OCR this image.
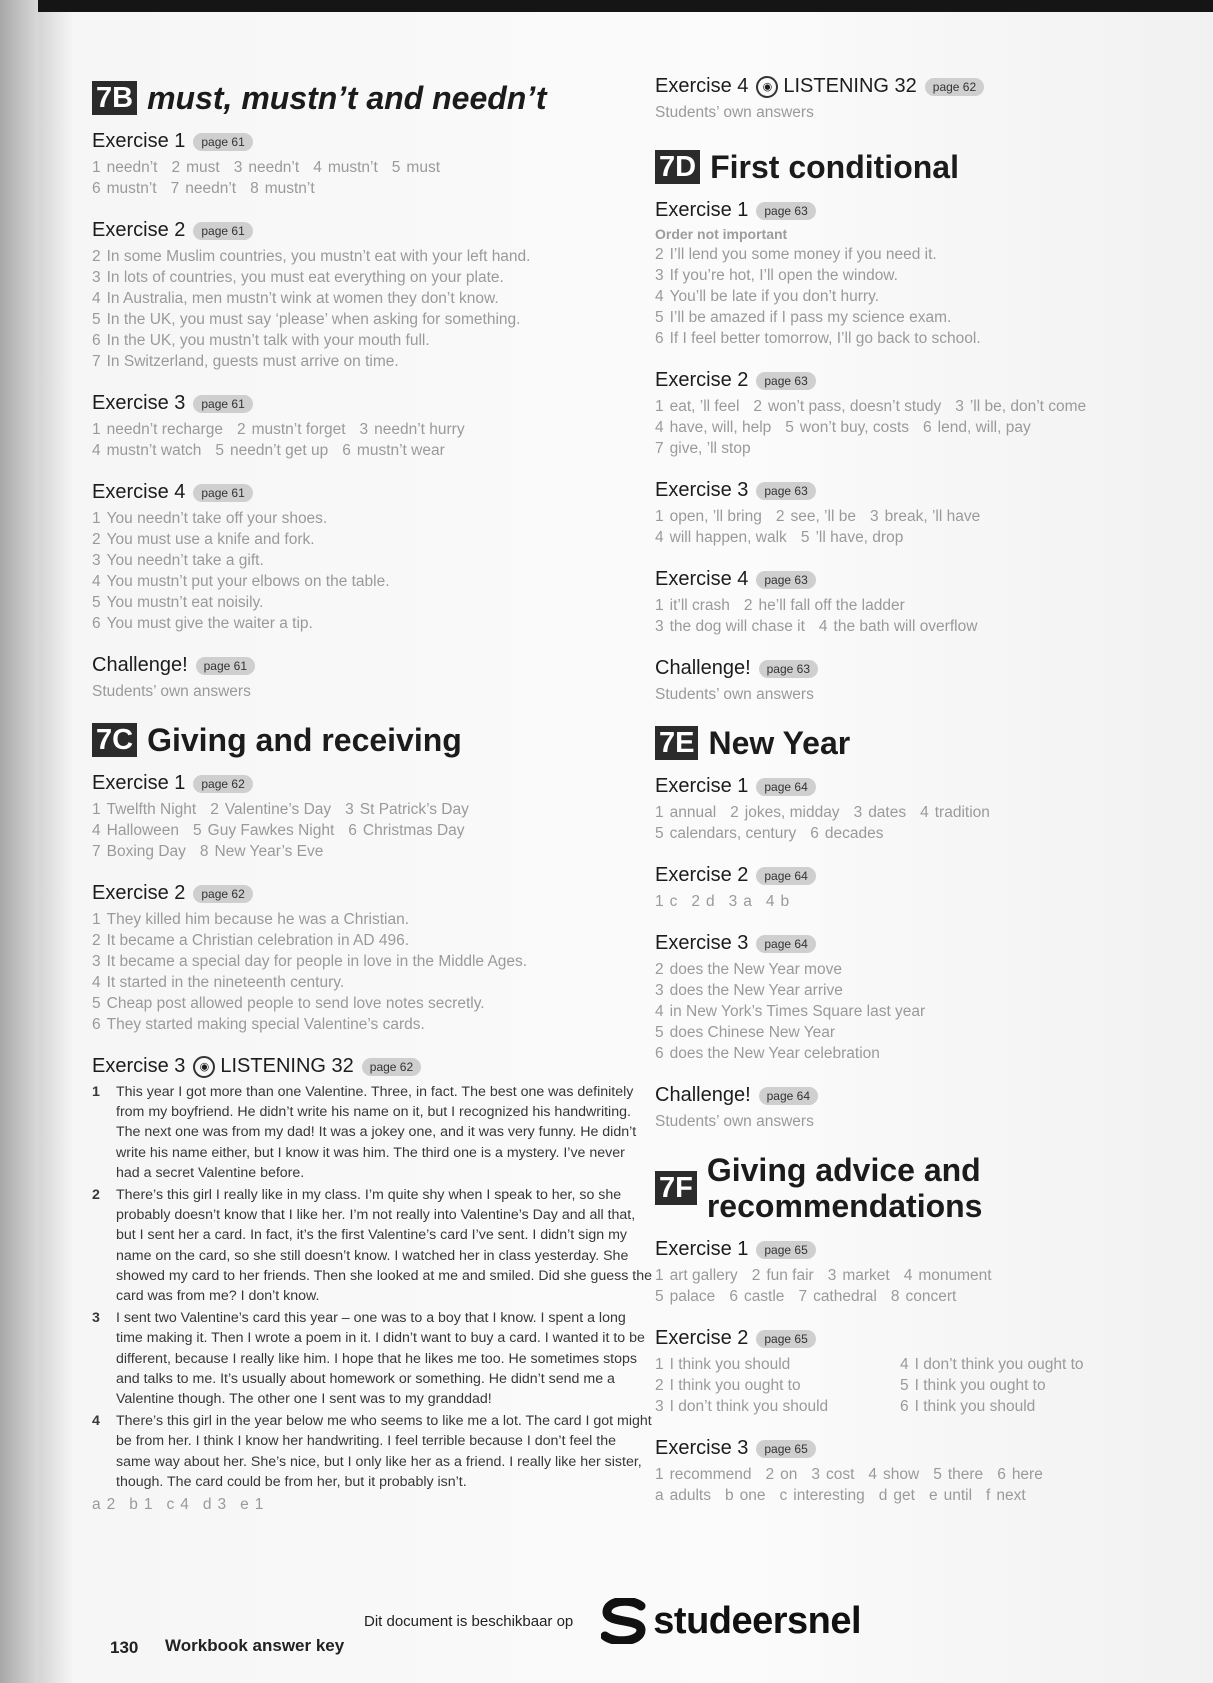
7B must, mustn’t and needn’t
Exercise 1	page 61
1 needn’t 2 must 3 needn’t 4 mustn’t 5 must
6 mustn’t 7 needn’t 8 mustn’t
Exercise 2	page 61
2 In some Muslim countries, you mustn’t eat with your left hand.
3 In lots of countries, you must eat everything on your plate.
4 In Australia, men mustn’t wink at women they don’t know.
5 In the UK, you must say ‘please’ when asking for something.
6 In the UK, you mustn’t talk with your mouth full.
7 In Switzerland, guests must arrive on time.
Exercise 3	page 61
1 needn’t recharge 2 mustn’t forget 3 needn’t hurry
4 mustn’t watch 5 needn’t get up 6 mustn’t wear
Exercise 4	page 61
1 You needn’t take off your shoes.
2 You must use a knife and fork.
3 You needn’t take a gift.
4 You mustn’t put your elbows on the table.
5 You mustn’t eat noisily.
6 You must give the waiter a tip.
Challenge!	page 61
Students’ own answers
7C Giving and receiving
Exercise 1	page 62
1 Twelfth Night 2 Valentine’s Day 3 St Patrick’s Day
4 Halloween 5 Guy Fawkes Night 6 Christmas Day
7 Boxing Day 8 New Year’s Eve
Exercise 2	page 62
1 They killed him because he was a Christian.
2 It became a Christian celebration in AD 496.
3 It became a special day for people in love in the Middle Ages.
4 It started in the nineteenth century.
5 Cheap post allowed people to send love notes secretly.
6 They started making special Valentine’s cards.
Exercise 3	◉ LISTENING 32	page 62
1	This year I got more than one Valentine. Three, in fact. The best one was definitely from my boyfriend. He didn’t write his name on it, but I recognized his handwriting. The next one was from my dad! It was a jokey one, and it was very funny. He didn’t write his name either, but I know it was him. The third one is a mystery. I’ve never had a secret Valentine before.
2	There’s this girl I really like in my class. I’m quite shy when I speak to her, so she probably doesn’t know that I like her. I’m not really into Valentine’s Day and all that, but I sent her a card. In fact, it’s the first Valentine’s card I’ve sent. I didn’t sign my name on the card, so she still doesn’t know. I watched her in class yesterday. She showed my card to her friends. Then she looked at me and smiled. Did she guess the card was from me? I don’t know.
3	I sent two Valentine’s card this year – one was to a boy that I know. I spent a long time making it. Then I wrote a poem in it. I didn’t want to buy a card. I wanted it to be different, because I really like him. I hope that he likes me too. He sometimes stops and talks to me. It’s usually about homework or something. He didn’t send me a Valentine though. The other one I sent was to my granddad!
4	There’s this girl in the year below me who seems to like me a lot. The card I got might be from her. I think I know her handwriting. I feel terrible because I don’t feel the same way about her. She’s nice, but I only like her as a friend. I really like her sister, though. The card could be from her, but it probably isn’t.
a 2 b 1 c 4 d 3 e 1
Exercise 4	◉ LISTENING 32	page 62
Students’ own answers
7D First conditional
Exercise 1	page 63
Order not important
2 I’ll lend you some money if you need it.
3 If you’re hot, I’ll open the window.
4 You’ll be late if you don’t hurry.
5 I’ll be amazed if I pass my science exam.
6 If I feel better tomorrow, I’ll go back to school.
Exercise 2	page 63
1 eat, ’ll feel 2 won’t pass, doesn’t study 3 ’ll be, don’t come
4 have, will, help 5 won’t buy, costs 6 lend, will, pay
7 give, ’ll stop
Exercise 3	page 63
1 open, ’ll bring 2 see, ’ll be 3 break, ’ll have
4 will happen, walk 5 ’ll have, drop
Exercise 4	page 63
1 it’ll crash 2 he’ll fall off the ladder
3 the dog will chase it 4 the bath will overflow
Challenge!	page 63
Students’ own answers
7E New Year
Exercise 1	page 64
1 annual 2 jokes, midday 3 dates 4 tradition
5 calendars, century 6 decades
Exercise 2	page 64
1 c 2 d 3 a 4 b
Exercise 3	page 64
2 does the New Year move
3 does the New Year arrive
4 in New York’s Times Square last year
5 does Chinese New Year
6 does the New Year celebration
Challenge!	page 64
Students’ own answers
7F Giving advice and recommendations
Exercise 1	page 65
1 art gallery 2 fun fair 3 market 4 monument
5 palace 6 castle 7 cathedral 8 concert
Exercise 2	page 65
1 I think you should
2 I think you ought to
3 I don’t think you should
4 I don’t think you ought to
5 I think you ought to
6 I think you should
Exercise 3	page 65
1 recommend 2 on 3 cost 4 show 5 there 6 here
a adults b one c interesting d get e until f next
130 Workbook answer key
Dit document is beschikbaar op studeersnel
